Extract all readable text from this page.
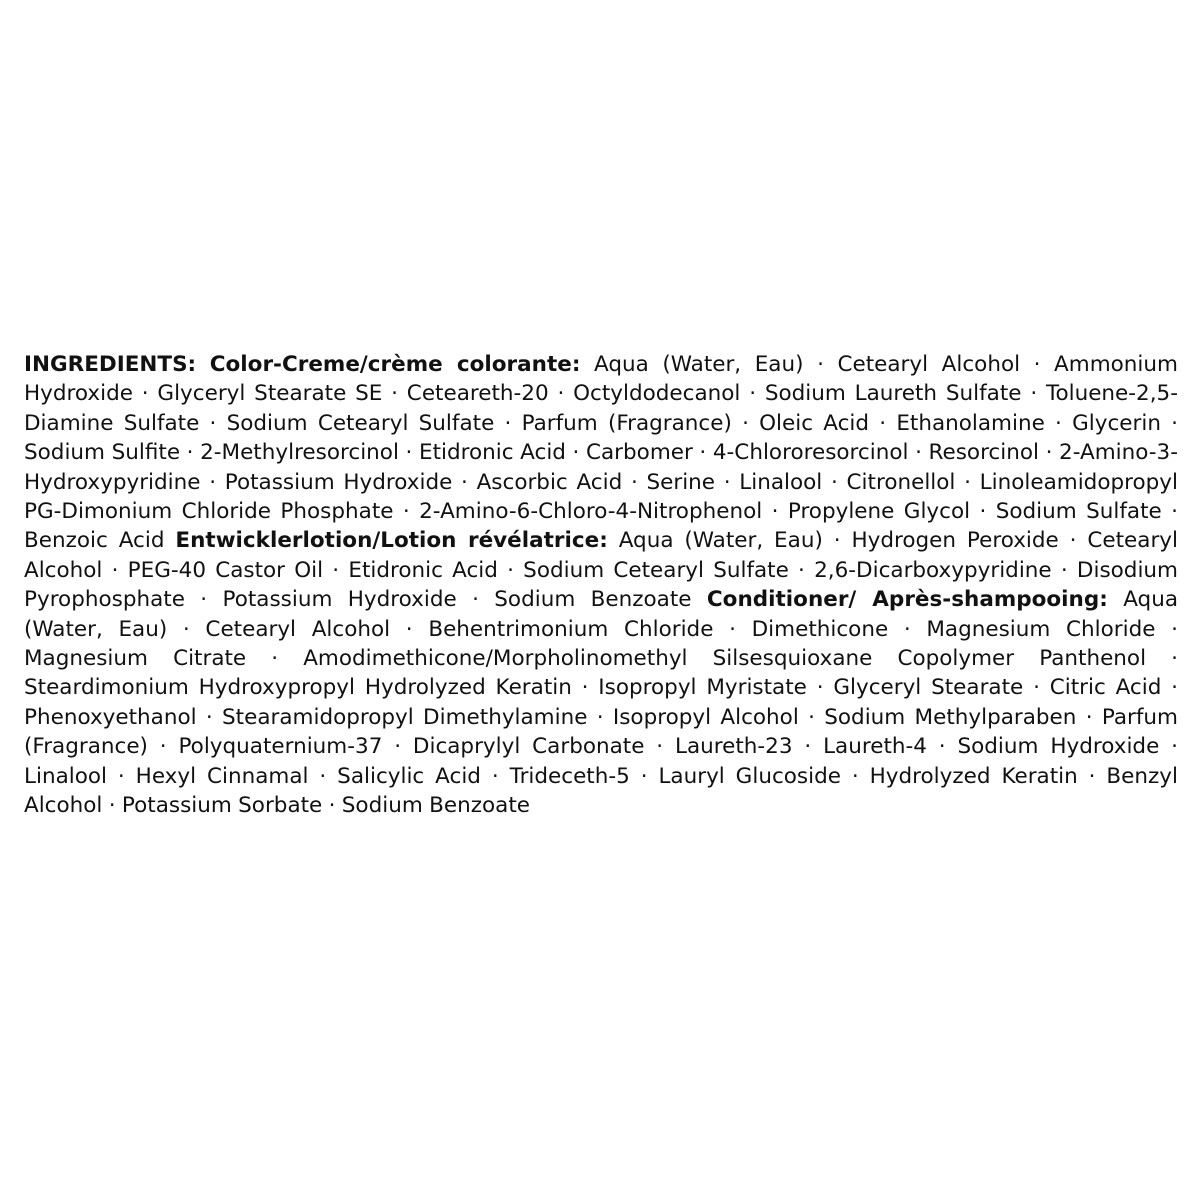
INGREDIENTS: Color-Creme/crème colorante: Aqua (Water, Eau) · Cetearyl Alcohol · Ammonium Hydroxide · Glyceryl Stearate SE · Ceteareth-20 · Octyldodecanol · Sodium Laureth Sulfate · Toluene-2,5-Diamine Sulfate · Sodium Cetearyl Sulfate · Parfum (Fragrance) · Oleic Acid · Ethanolamine · Glycerin · Sodium Sulfite · 2-Methylresorcinol · Etidronic Acid · Carbomer · 4-Chlororesorcinol · Resorcinol · 2-Amino-3-Hydroxypyridine · Potassium Hydroxide · Ascorbic Acid · Serine · Linalool · Citronellol · Linoleamidopropyl PG-Dimonium Chloride Phosphate · 2-Amino-6-Chloro-4-Nitrophenol · Propylene Glycol · Sodium Sulfate · Benzoic Acid Entwicklerlotion/Lotion révélatrice: Aqua (Water, Eau) · Hydrogen Peroxide · Cetearyl Alcohol · PEG-40 Castor Oil · Etidronic Acid · Sodium Cetearyl Sulfate · 2,6-Dicarboxypyridine · Disodium Pyrophosphate · Potassium Hydroxide · Sodium Benzoate Conditioner/ Après-shampooing: Aqua (Water, Eau) · Cetearyl Alcohol · Behentrimonium Chloride · Dimethicone · Magnesium Chloride · Magnesium Citrate · Amodimethicone/Morpholinomethyl Silsesquioxane Copolymer Panthenol · Steardimonium Hydroxypropyl Hydrolyzed Keratin · Isopropyl Myristate · Glyceryl Stearate · Citric Acid · Phenoxyethanol · Stearamidopropyl Dimethylamine · Isopropyl Alcohol · Sodium Methylparaben · Parfum (Fragrance) · Polyquaternium-37 · Dicaprylyl Carbonate · Laureth-23 · Laureth-4 · Sodium Hydroxide · Linalool · Hexyl Cinnamal · Salicylic Acid · Trideceth-5 · Lauryl Glucoside · Hydrolyzed Keratin · Benzyl Alcohol · Potassium Sorbate · Sodium Benzoate
